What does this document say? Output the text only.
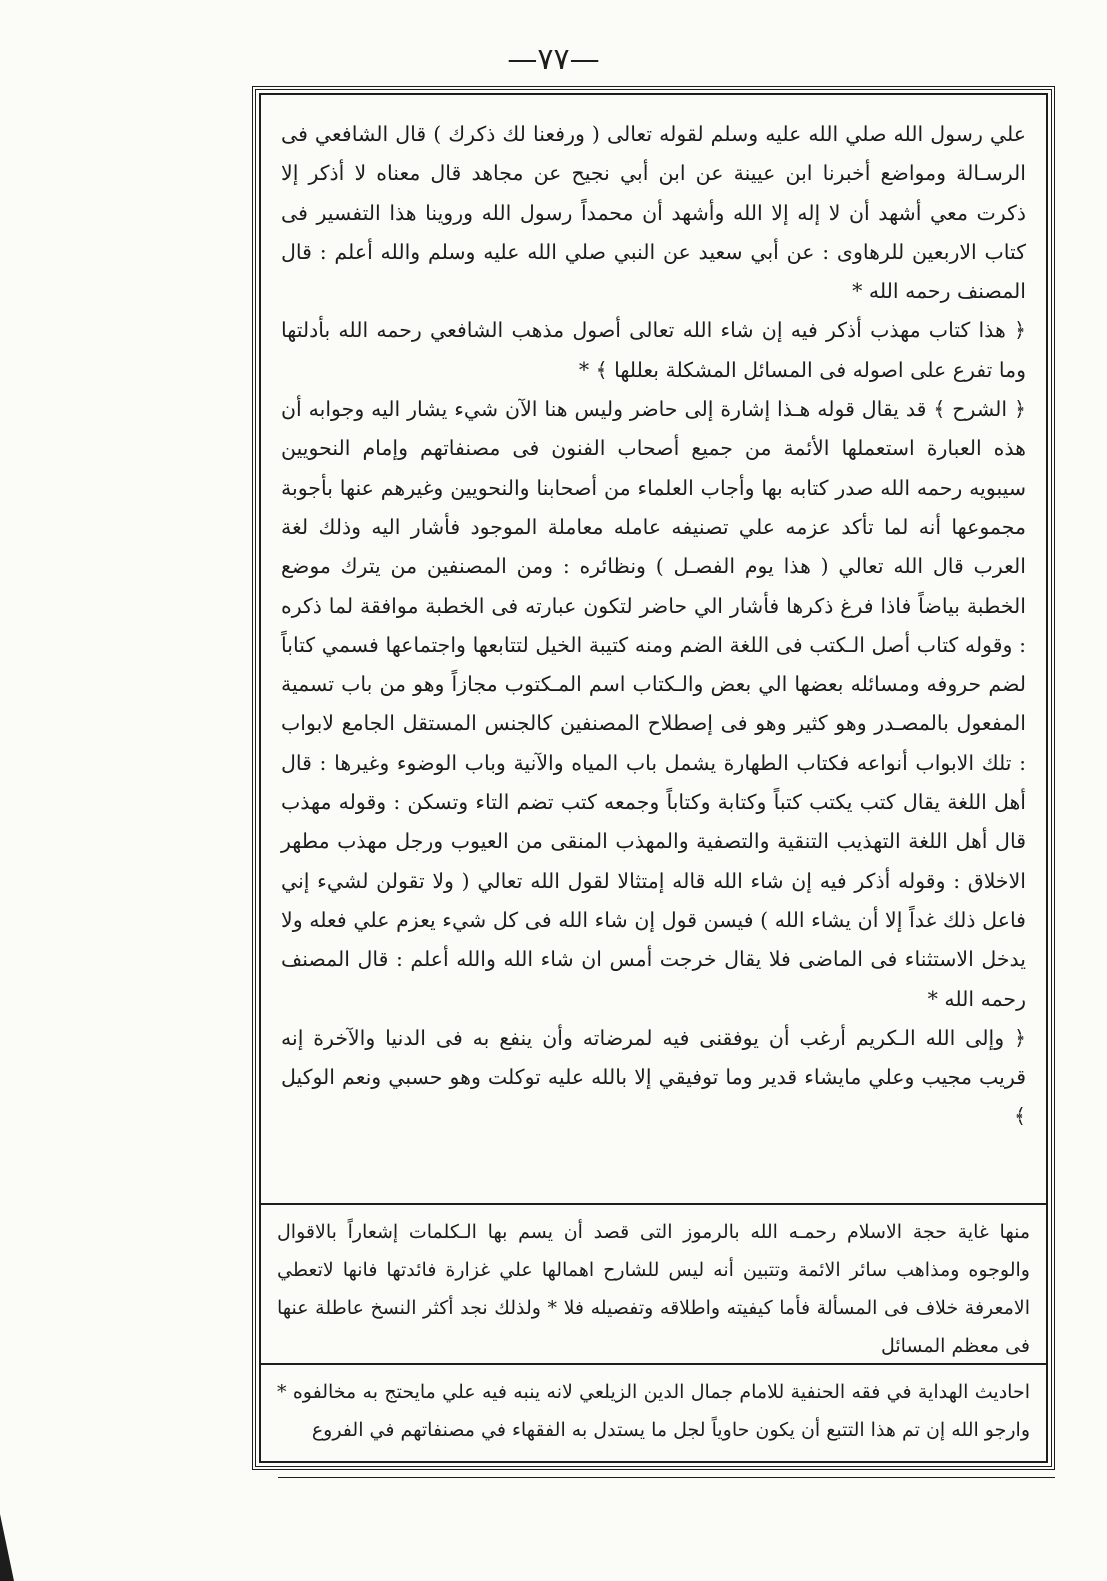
—٧٧—

علي رسول الله صلي الله عليه وسلم لقوله تعالى ( ورفعنا لك ذكرك ) قال الشافعي فى الرسـالة ومواضع أخبرنا ابن عيينة عن ابن أبي نجيح عن مجاهد قال معناه لا أذكر إلا ذكرت معي أشهد أن لا إله إلا الله وأشهد أن محمداً رسول الله وروينا هذا التفسير فى كتاب الاربعين للرهاوى : عن أبي سعيد عن النبي صلي الله عليه وسلم والله أعلم : قال المصنف رحمه الله *

﴿ هذا كتاب مهذب أذكر فيه إن شاء الله تعالى أصول مذهب الشافعي رحمه الله بأدلتها وما تفرع على اصوله فى المسائل المشكلة بعللها ﴾ *

﴿ الشرح ﴾ قد يقال قوله هـذا إشارة إلى حاضر وليس هنا الآن شيء يشار اليه وجوابه أن هذه العبارة استعملها الأئمة من جميع أصحاب الفنون فى مصنفاتهم وإمام النحويين سيبويه رحمه الله صدر كتابه بها وأجاب العلماء من أصحابنا والنحويين وغيرهم عنها بأجوبة مجموعها أنه لما تأكد عزمه علي تصنيفه عامله معاملة الموجود فأشار اليه وذلك لغة العرب قال الله تعالي ( هذا يوم الفصـل ) ونظائره : ومن المصنفين من يترك موضع الخطبة بياضاً فاذا فرغ ذكرها فأشار الي حاضر لتكون عبارته فى الخطبة موافقة لما ذكره : وقوله كتاب أصل الـكتب فى اللغة الضم ومنه كتيبة الخيل لتتابعها واجتماعها فسمي كتاباً لضم حروفه ومسائله بعضها الي بعض والـكتاب اسم المـكتوب مجازاً وهو من باب تسمية المفعول بالمصـدر وهو كثير وهو فى إصطلاح المصنفين كالجنس المستقل الجامع لابواب : تلك الابواب أنواعه فكتاب الطهارة يشمل باب المياه والآنية وباب الوضوء وغيرها : قال أهل اللغة يقال كتب يكتب كتباً وكتابة وكتاباً وجمعه كتب تضم التاء وتسكن : وقوله مهذب قال أهل اللغة التهذيب التنقية والتصفية والمهذب المنقى من العيوب ورجل مهذب مطهر الاخلاق : وقوله أذكر فيه إن شاء الله قاله إمتثالا لقول الله تعالي ( ولا تقولن لشيء إني فاعل ذلك غداً إلا أن يشاء الله ) فيسن قول إن شاء الله فى كل شيء يعزم علي فعله ولا يدخل الاستثناء فى الماضى فلا يقال خرجت أمس ان شاء الله والله أعلم : قال المصنف رحمه الله *

﴿ وإلى الله الـكريم أرغب أن يوفقنى فيه لمرضاته وأن ينفع به فى الدنيا والآخرة إنه قريب مجيب وعلي مايشاء قدير وما توفيقي إلا بالله عليه توكلت وهو حسبي ونعم الوكيل ﴾

منها غاية حجة الاسلام رحمـه الله بالرموز التى قصد أن يسم بها الـكلمات إشعاراً بالاقوال والوجوه ومذاهب سائر الائمة وتتبين أنه ليس للشارح اهمالها علي غزارة فائدتها فانها لاتعطي الامعرفة خلاف فى المسألة فأما كيفيته واطلاقه وتفصيله فلا * ولذلك نجد أكثر النسخ عاطلة عنها فى معظم المسائل

احاديث الهداية في فقه الحنفية للامام جمال الدين الزيلعي لانه ينبه فيه علي مايحتج به مخالفوه * وارجو الله إن تم هذا التتبع أن يكون حاوياً لجل ما يستدل به الفقهاء في مصنفاتهم في الفروع
